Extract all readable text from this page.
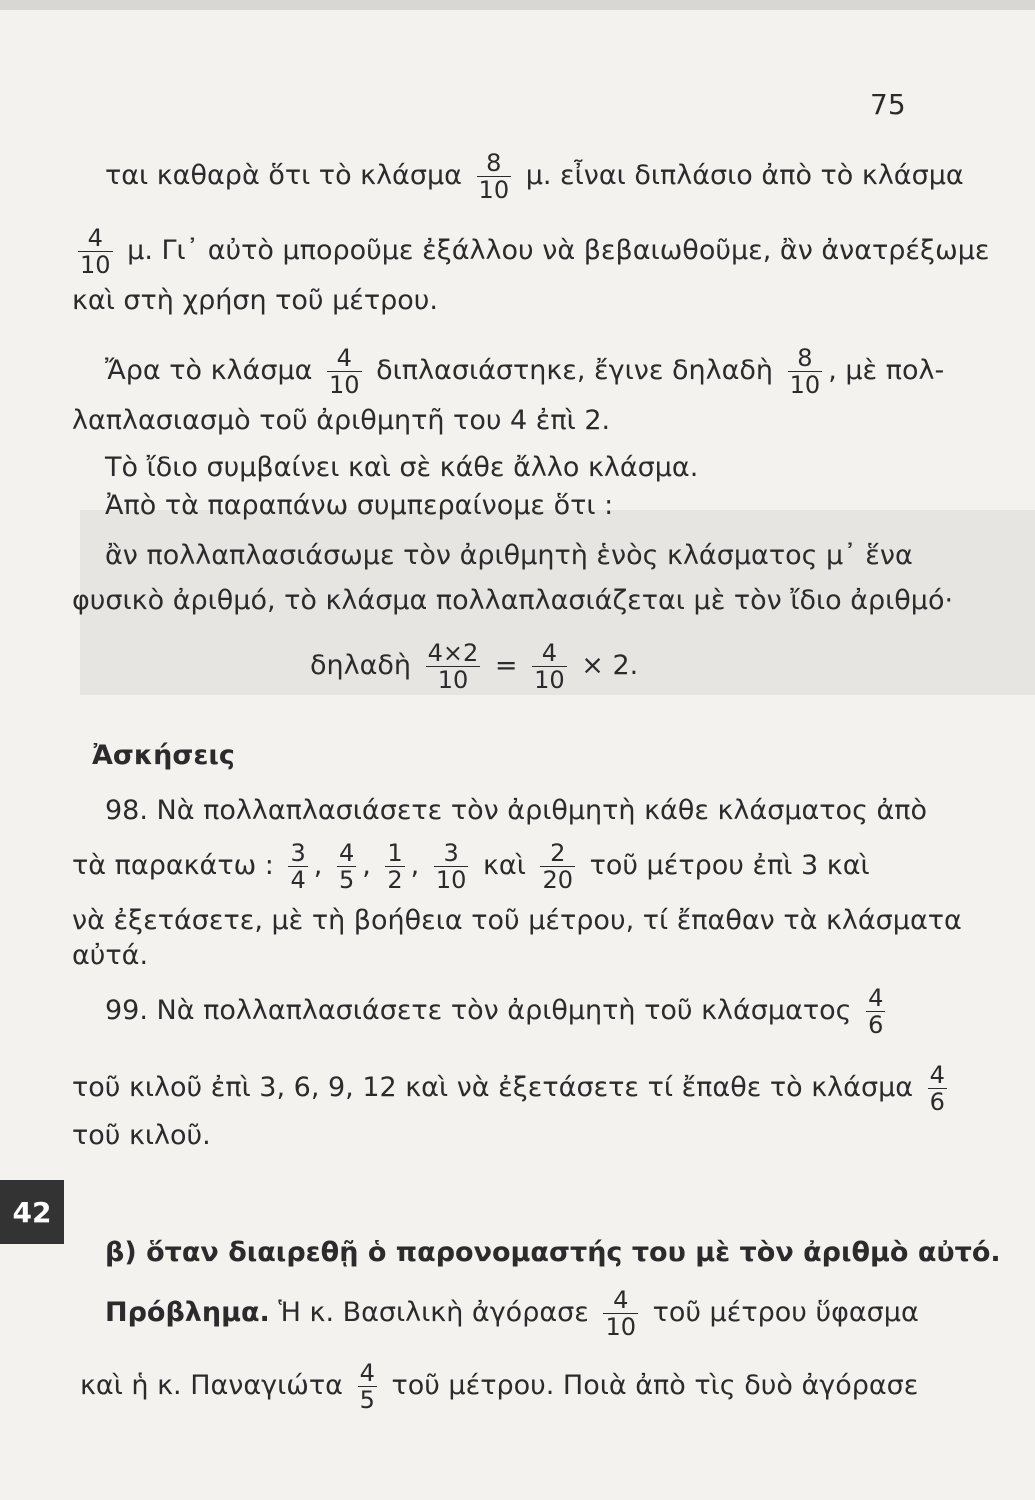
75
ται καθαρὰ ὅτι τὸ κλάσμα $\frac{8}{10} \mu$. εἶναι διπλάσιο ἀπὸ τὸ κλάσμα
$\frac{4}{10} \mu$. Γι᾿ αὐτὸ μποροῦμε ἐξάλλου νὰ βεβαιωθοῦμε, ἂν ἀνατρέξωμε
καὶ στὴ χρήση τοῦ μέτρου.
Ἄρα τὸ κλάσμα $\frac{4}{10} \delta\iota\pi\lambda\alpha\sigma\iota ά\sigma\tau\eta\kappa\varepsilon$, ἔγινε δηλαδὴ $\frac{8}{10}$ , μὲ πολ-
λαπλασιασμὸ τοῦ ἀριθμητῆ του 4 ἐπὶ 2.
Τὸ ἴδιο συμβαίνει καὶ σὲ κάθε ἄλλο κλάσμα.
Ἀπὸ τὰ παραπάνω συμπεραίνομε ὅτι :
ἂν πολλαπλασιάσωμε τὸν ἀριθμητὴ ἑνὸς κλάσματος μ᾿ ἕνα
φυσικὸ ἀριθμό, τὸ κλάσμα πολλαπλασιάζεται μὲ τὸν ἴδιο ἀριθμό·
δηλαδὴ $\frac{4\times 2}{10} = \frac{4}{10} \times 2$.
Ἀσκήσεις
98. Νὰ πολλαπλασιάσετε τὸν ἀριθμητὴ κάθε κλάσματος ἀπὸ
τὰ παρακάτω : $\frac{3}{4}$ , $\frac{4}{5}$ , $\frac{1}{2}$ , $\frac{3}{10}$ καὶ $\frac{2}{20}$ τοῦ μέτρου ἐπὶ 3 καὶ
νὰ ἐξετάσετε, μὲ τὴ βοήθεια τοῦ μέτρου, τί ἔπαθαν τὰ κλάσματα
αὐτά.
99. Νὰ πολλαπλασιάσετε τὸν ἀριθμητὴ τοῦ κλάσματος $\frac{4}{6}$
τοῦ κιλοῦ ἐπὶ 3, 6, 9, 12 καὶ νὰ ἐξετάσετε τί ἔπαθε τὸ κλάσμα $\frac{4}{6}$
τοῦ κιλοῦ.
42
β) ὅταν διαιρεθῇ ὁ παρονομαστής του μὲ τὸν ἀριθμὸ αὐτό.
Πρόβλημα. Ἡ κ. Βασιλικὴ ἀγόρασε $\frac{4}{10}$ τοῦ μέτρου ὕφασμα
καὶ ἡ κ. Παναγιώτα $\frac{4}{5}$ τοῦ μέτρου. Ποιὰ ἀπὸ τὶς δυὸ ἀγόρασε
